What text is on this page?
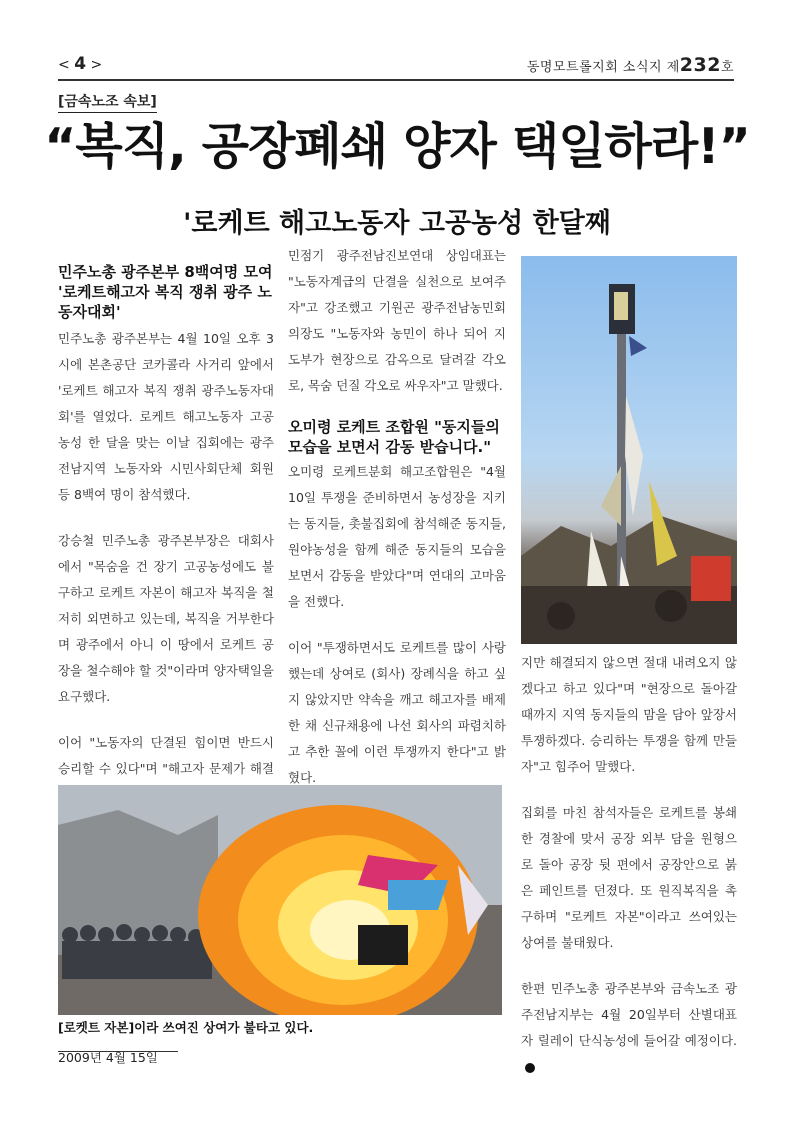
< 4 >	동명모트롤지회 소식지 제232호
[금속노조 속보]
“복직, 공장폐쇄 양자 택일하라!”
'로케트 해고노동자 고공농성 한달째
민주노총 광주본부 8백여명 모여 '로케트해고자 복직 쟁취 광주 노동자대회'

민주노총 광주본부는 4월 10일 오후 3시에 본촌공단 코카콜라 사거리 앞에서 '로케트 해고자 복직 쟁취 광주노동자대회'를 열었다. 로케트 해고노동자 고공농성 한 달을 맞는 이날 집회에는 광주전남지역 노동자와 시민사회단체 회원 등 8백여 명이 참석했다.

강승철 민주노총 광주본부장은 대회사에서 "목숨을 건 장기 고공농성에도 불구하고 로케트 자본이 해고자 복직을 철저히 외면하고 있는데, 복직을 거부한다며 광주에서 아니 이 땅에서 로케트 공장을 철수해야 할 것"이라며 양자택일을 요구했다.

이어 "노동자의 단결된 힘이면 반드시 승리할 수 있다"며 "해고자 문제가 해결

민점기 광주전남진보연대 상임대표는 "노동자계급의 단결을 실천으로 보여주자"고 강조했고 기원곤 광주전남농민회 의장도 "노동자와 농민이 하나 되어 지도부가 현장으로 감옥으로 달려갈 각오로, 목숨 던질 각오로 싸우자"고 말했다.

오미령 로케트 조합원 "동지들의 모습을 보면서 감동 받습니다."

오미령 로케트분회 해고조합원은 "4월 10일 투쟁을 준비하면서 농성장을 지키는 동지들, 촛불집회에 참석해준 동지들, 원야농성을 함께 해준 동지들의 모습을 보면서 감동을 받았다"며 연대의 고마움을 전했다.

이어 "투쟁하면서도 로케트를 많이 사랑했는데 상여로 (회사) 장례식을 하고 싶지 않았지만 약속을 깨고 해고자를 배제한 채 신규채용에 나선 회사의 파렴치하고 추한 꼴에 이런 투쟁까지 한다"고 밝혔다.

지만 해결되지 않으면 절대 내려오지 않겠다고 하고 있다"며 "현장으로 돌아갈 때까지 지역 동지들의 맘을 담아 앞장서 투쟁하겠다. 승리하는 투쟁을 함께 만들자"고 힘주어 말했다.

집회를 마친 참석자들은 로케트를 봉쇄한 경찰에 맞서 공장 외부 담을 원형으로 돌아 공장 뒷 편에서 공장안으로 붉은 페인트를 던졌다. 또 원직복직을 촉구하며 "로케트 자본"이라고 쓰여있는 상여를 불태웠다.

한편 민주노총 광주본부와 금속노조 광주전남지부는 4월 20일부터 산별대표자 릴레이 단식농성에 들어갈 예정이다.

[로켓트 자본]이라 쓰여진 상여가 불타고 있다.
2009년 4월 15일
